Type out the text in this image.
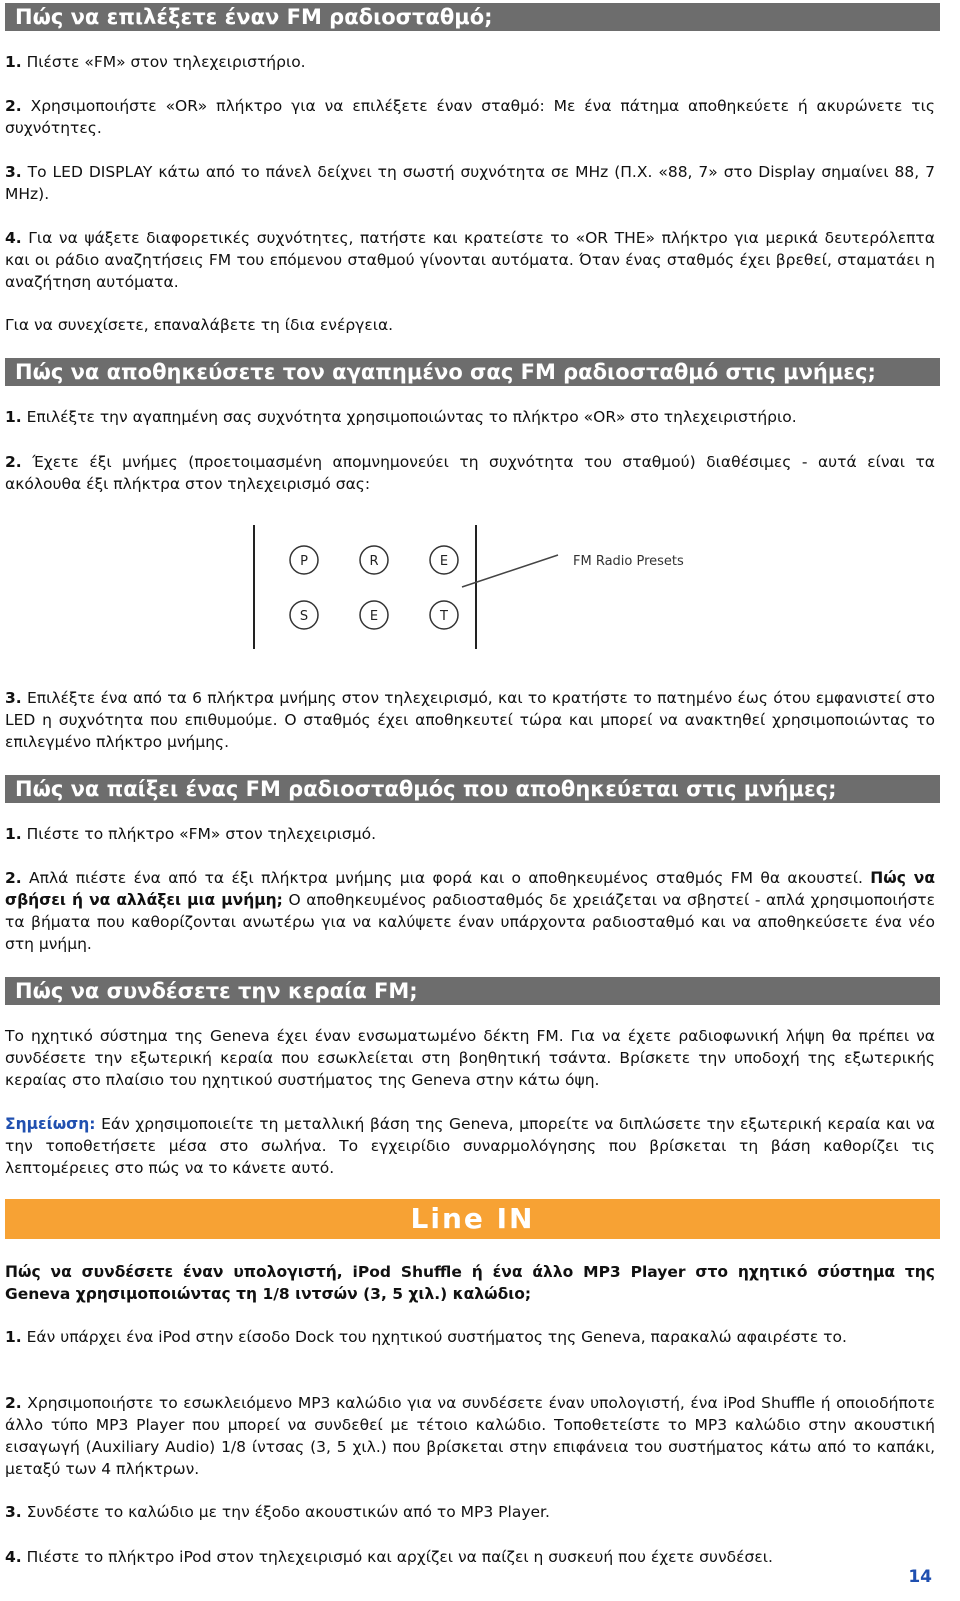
Πώς να επιλέξετε έναν FM ραδιοσταθμό;

1. Πιέστε «FM» στον τηλεχειριστήριο.

2. Χρησιμοποιήστε «OR» πλήκτρο για να επιλέξετε έναν σταθμό: Με ένα πάτημα αποθηκεύετε ή ακυρώνετε τις συχνότητες.

3. Το LED DISPLAY κάτω από το πάνελ δείχνει τη σωστή συχνότητα σε MHz (Π.Χ. «88, 7» στο Display σημαίνει 88, 7 MHz).

4. Για να ψάξετε διαφορετικές συχνότητες, πατήστε και κρατείστε το «OR THE» πλήκτρο για μερικά δευτερόλεπτα και οι ράδιο αναζητήσεις FM του επόμενου σταθμού γίνονται αυτόματα. Όταν ένας σταθμός έχει βρεθεί, σταματάει η αναζήτηση αυτόματα.

Για να συνεχίσετε, επαναλάβετε τη ίδια ενέργεια.

Πώς να αποθηκεύσετε τον αγαπημένο σας FM ραδιοσταθμό στις μνήμες;

1. Επιλέξτε την αγαπημένη σας συχνότητα χρησιμοποιώντας το πλήκτρο «OR» στο τηλεχειριστήριο.

2. Έχετε έξι μνήμες (προετοιμασμένη απομνημονεύει τη συχνότητα του σταθμού) διαθέσιμες - αυτά είναι τα ακόλουθα έξι πλήκτρα στον τηλεχειρισμό σας:

P	R	E
S	E	T
FM Radio Presets

3. Επιλέξτε ένα από τα 6 πλήκτρα μνήμης στον τηλεχειρισμό, και το κρατήστε το πατημένο έως ότου εμφανιστεί στο LED η συχνότητα που επιθυμούμε. Ο σταθμός έχει αποθηκευτεί τώρα και μπορεί να ανακτηθεί χρησιμοποιώντας το επιλεγμένο πλήκτρο μνήμης.

Πώς να παίξει ένας FM ραδιοσταθμός που αποθηκεύεται στις μνήμες;

1. Πιέστε το πλήκτρο «FM» στον τηλεχειρισμό.

2. Απλά πιέστε ένα από τα έξι πλήκτρα μνήμης μια φορά και ο αποθηκευμένος σταθμός FM θα ακουστεί. Πώς να σβήσει ή να αλλάξει μια μνήμη; Ο αποθηκευμένος ραδιοσταθμός δε χρειάζεται να σβηστεί - απλά χρησιμοποιήστε τα βήματα που καθορίζονται ανωτέρω για να καλύψετε έναν υπάρχοντα ραδιοσταθμό και να αποθηκεύσετε ένα νέο στη μνήμη.

Πώς να συνδέσετε την κεραία FM;

Το ηχητικό σύστημα της Geneva έχει έναν ενσωματωμένο δέκτη FM. Για να έχετε ραδιοφωνική λήψη θα πρέπει να συνδέσετε την εξωτερική κεραία που εσωκλείεται στη βοηθητική τσάντα. Βρίσκετε την υποδοχή της εξωτερικής κεραίας στο πλαίσιο του ηχητικού συστήματος της Geneva στην κάτω όψη.

Σημείωση: Εάν χρησιμοποιείτε τη μεταλλική βάση της Geneva, μπορείτε να διπλώσετε την εξωτερική κεραία και να την τοποθετήσετε μέσα στο σωλήνα. Το εγχειρίδιο συναρμολόγησης που βρίσκεται τη βάση καθορίζει τις λεπτομέρειες στο πώς να το κάνετε αυτό.

Line IN

Πώς να συνδέσετε έναν υπολογιστή, iPod Shuffle ή ένα άλλο MP3 Player στο ηχητικό σύστημα της Geneva χρησιμοποιώντας τη 1/8 ιντσών (3, 5 χιλ.) καλώδιο;

1. Εάν υπάρχει ένα iPod στην είσοδο Dock του ηχητικού συστήματος της Geneva, παρακαλώ αφαιρέστε το.

2. Χρησιμοποιήστε το εσωκλειόμενο MP3 καλώδιο για να συνδέσετε έναν υπολογιστή, ένα iPod Shuffle ή οποιοδήποτε άλλο τύπο MP3 Player που μπορεί να συνδεθεί με τέτοιο καλώδιο. Τοποθετείστε το MP3 καλώδιο στην ακουστική εισαγωγή (Auxiliary Audio) 1/8 ίντσας (3, 5 χιλ.) που βρίσκεται στην επιφάνεια του συστήματος κάτω από το καπάκι, μεταξύ των 4 πλήκτρων.

3. Συνδέστε το καλώδιο με την έξοδο ακουστικών από το MP3 Player.

4. Πιέστε το πλήκτρο iPod στον τηλεχειρισμό και αρχίζει να παίζει η συσκευή που έχετε συνδέσει.

14
